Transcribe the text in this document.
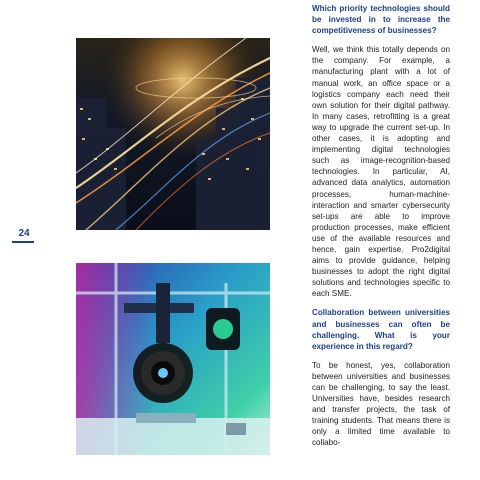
24

Which priority technologies should be invested in to increase the competitiveness of businesses?

Well, we think this totally depends on the company. For example, a manufacturing plant with a lot of manual work, an office space or a logistics company each need their own solution for their digital pathway. In many cases, retrofitting is a great way to upgrade the current set-up. In other cases, it is adopting and implementing digital technologies such as image-recognition-based technologies. In particular, AI, advanced data analytics, automation processes, human-machine-interaction and smarter cybersecurity set-ups are able to improve production processes, make efficient use of the available resources and hence, gain expertise. Pro2digital aims to provide guidance, helping businesses to adopt the right digital solutions and technologies specific to each SME.

Collaboration between universities and businesses can often be challenging. What is your experience in this regard?

To be honest, yes, collaboration between universities and businesses can be challenging, to say the least. Universities have, besides research and transfer projects, the task of training students. That means there is only a limited time available to collabo-
